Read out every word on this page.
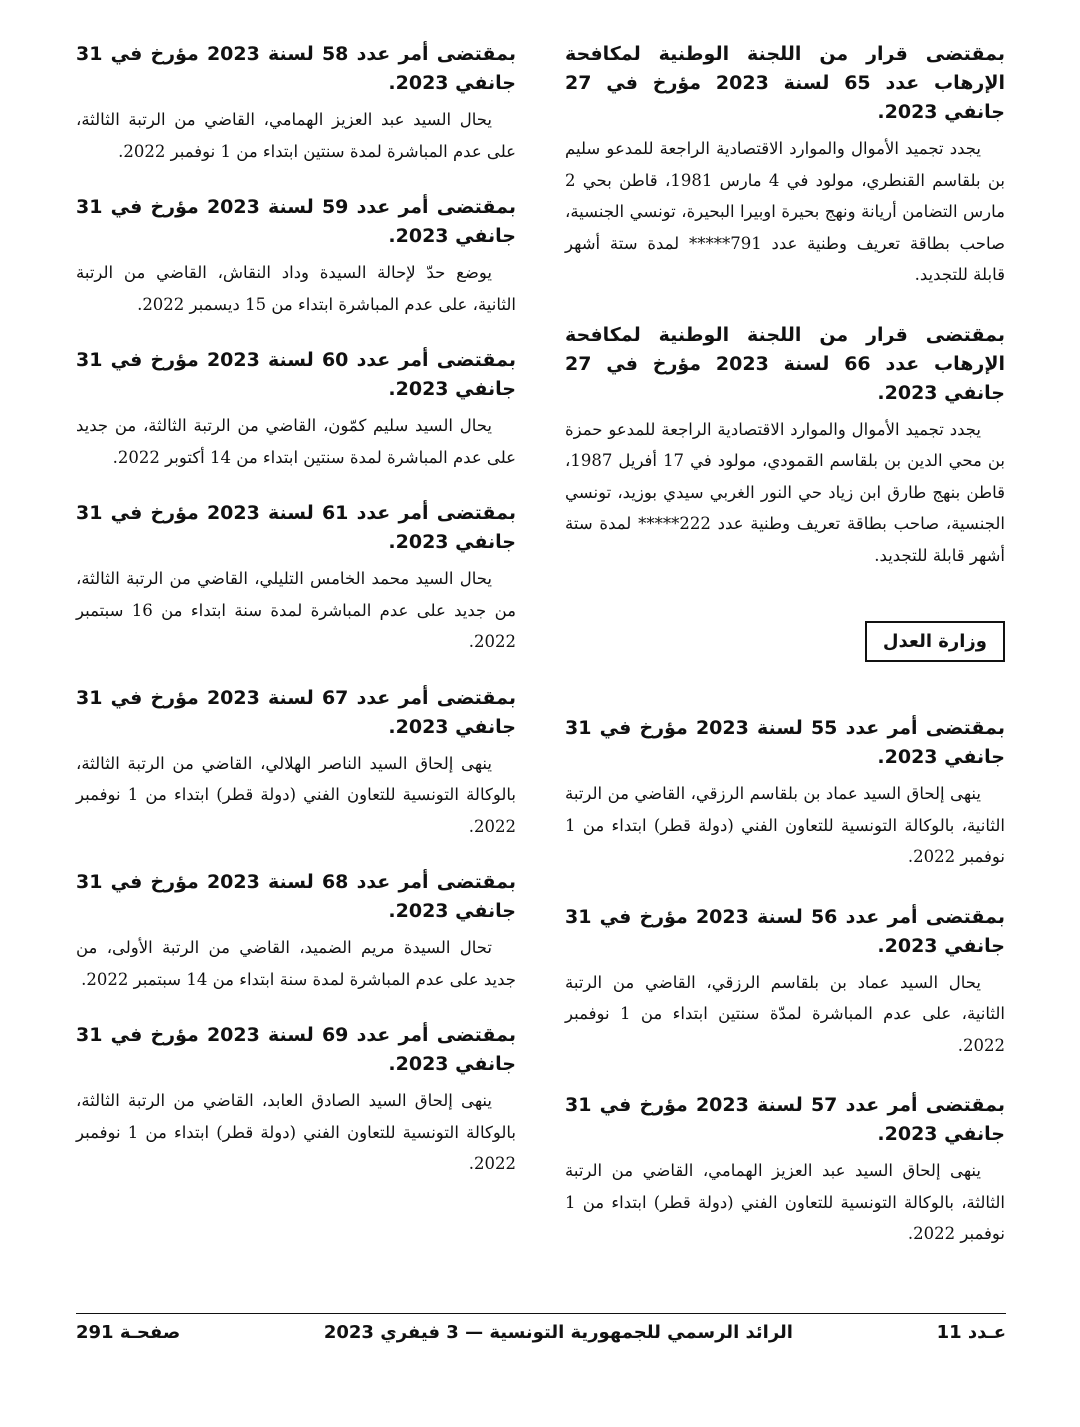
بمقتضى قرار من اللجنة الوطنية لمكافحة الإرهاب عدد 65 لسنة 2023 مؤرخ في 27 جانفي 2023.

يجدد تجميد الأموال والموارد الاقتصادية الراجعة للمدعو سليم بن بلقاسم القنطري، مولود في 4 مارس 1981، قاطن بحي 2 مارس التضامن أريانة ونهج بحيرة اوبيرا البحيرة، تونسي الجنسية، صاحب بطاقة تعريف وطنية عدد 791***** لمدة ستة أشهر قابلة للتجديد.

بمقتضى قرار من اللجنة الوطنية لمكافحة الإرهاب عدد 66 لسنة 2023 مؤرخ في 27 جانفي 2023.

يجدد تجميد الأموال والموارد الاقتصادية الراجعة للمدعو حمزة بن محي الدين بن بلقاسم القمودي، مولود في 17 أفريل 1987، قاطن بنهج طارق ابن زياد حي النور الغربي سيدي بوزيد، تونسي الجنسية، صاحب بطاقة تعريف وطنية عدد 222***** لمدة ستة أشهر قابلة للتجديد.

وزارة العدل

بمقتضى أمر عدد 55 لسنة 2023 مؤرخ في 31 جانفي 2023.

ينهى إلحاق السيد عماد بن بلقاسم الرزقي، القاضي من الرتبة الثانية، بالوكالة التونسية للتعاون الفني (دولة قطر) ابتداء من 1 نوفمبر 2022.

بمقتضى أمر عدد 56 لسنة 2023 مؤرخ في 31 جانفي 2023.

يحال السيد عماد بن بلقاسم الرزقي، القاضي من الرتبة الثانية، على عدم المباشرة لمدّة سنتين ابتداء من 1 نوفمبر 2022.

بمقتضى أمر عدد 57 لسنة 2023 مؤرخ في 31 جانفي 2023.

ينهى إلحاق السيد عبد العزيز الهمامي، القاضي من الرتبة الثالثة، بالوكالة التونسية للتعاون الفني (دولة قطر) ابتداء من 1 نوفمبر 2022.

بمقتضى أمر عدد 58 لسنة 2023 مؤرخ في 31 جانفي 2023.

يحال السيد عبد العزيز الهمامي، القاضي من الرتبة الثالثة، على عدم المباشرة لمدة سنتين ابتداء من 1 نوفمبر 2022.

بمقتضى أمر عدد 59 لسنة 2023 مؤرخ في 31 جانفي 2023.

يوضع حدّ لإحالة السيدة وداد النقاش، القاضي من الرتبة الثانية، على عدم المباشرة ابتداء من 15 ديسمبر 2022.

بمقتضى أمر عدد 60 لسنة 2023 مؤرخ في 31 جانفي 2023.

يحال السيد سليم كمّون، القاضي من الرتبة الثالثة، من جديد على عدم المباشرة لمدة سنتين ابتداء من 14 أكتوبر 2022.

بمقتضى أمر عدد 61 لسنة 2023 مؤرخ في 31 جانفي 2023.

يحال السيد محمد الخامس التليلي، القاضي من الرتبة الثالثة، من جديد على عدم المباشرة لمدة سنة ابتداء من 16 سبتمبر 2022.

بمقتضى أمر عدد 67 لسنة 2023 مؤرخ في 31 جانفي 2023.

ينهى إلحاق السيد الناصر الهلالي، القاضي من الرتبة الثالثة، بالوكالة التونسية للتعاون الفني (دولة قطر) ابتداء من 1 نوفمبر 2022.

بمقتضى أمر عدد 68 لسنة 2023 مؤرخ في 31 جانفي 2023.

تحال السيدة مريم الضميد، القاضي من الرتبة الأولى، من جديد على عدم المباشرة لمدة سنة ابتداء من 14 سبتمبر 2022.

بمقتضى أمر عدد 69 لسنة 2023 مؤرخ في 31 جانفي 2023.

ينهى إلحاق السيد الصادق العابد، القاضي من الرتبة الثالثة، بالوكالة التونسية للتعاون الفني (دولة قطر) ابتداء من 1 نوفمبر 2022.

عـدد 11
الرائد الرسمي للجمهورية التونسية — 3 فيفري 2023
صفحـة 291
